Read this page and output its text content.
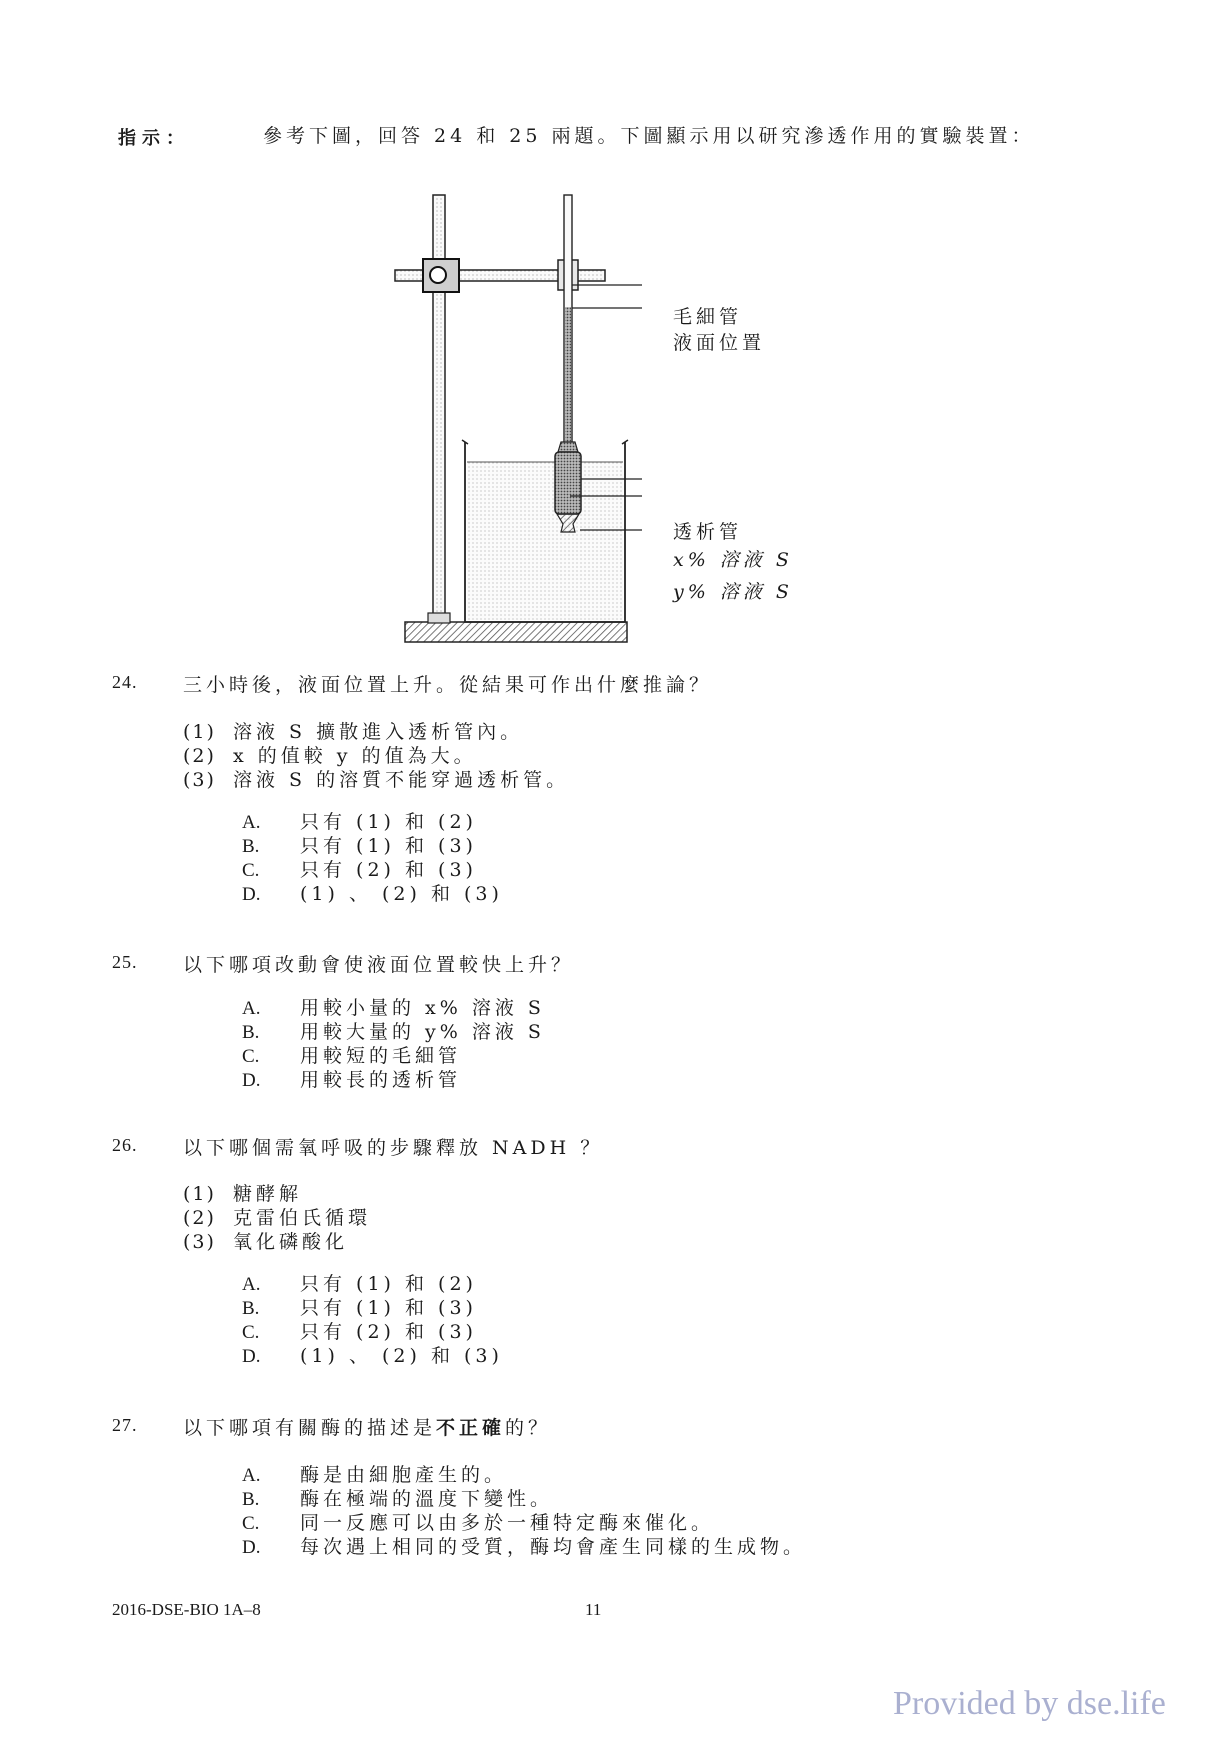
指示：	參考下圖，回答 24 和 25 兩題。下圖顯示用以研究滲透作用的實驗裝置：
毛細管
液面位置
透析管
x% 溶液 S
y% 溶液 S
24. 三小時後，液面位置上升。從結果可作出什麼推論？
(1) 溶液 S 擴散進入透析管內。
(2) x 的值較 y 的值為大。
(3) 溶液 S 的溶質不能穿過透析管。
A. 只有 (1) 和 (2)
B. 只有 (1) 和 (3)
C. 只有 (2) 和 (3)
D. (1) 、 (2) 和 (3)
25. 以下哪項改動會使液面位置較快上升？
A. 用較小量的 x% 溶液 S
B. 用較大量的 y% 溶液 S
C. 用較短的毛細管
D. 用較長的透析管
26. 以下哪個需氧呼吸的步驟釋放 NADH ？
(1) 糖酵解
(2) 克雷伯氏循環
(3) 氧化磷酸化
A. 只有 (1) 和 (2)
B. 只有 (1) 和 (3)
C. 只有 (2) 和 (3)
D. (1) 、 (2) 和 (3)
27. 以下哪項有關酶的描述是不正確的？
A. 酶是由細胞產生的。
B. 酶在極端的溫度下變性。
C. 同一反應可以由多於一種特定酶來催化。
D. 每次遇上相同的受質，酶均會產生同樣的生成物。
2016-DSE-BIO 1A–8	11
Provided by dse.life
